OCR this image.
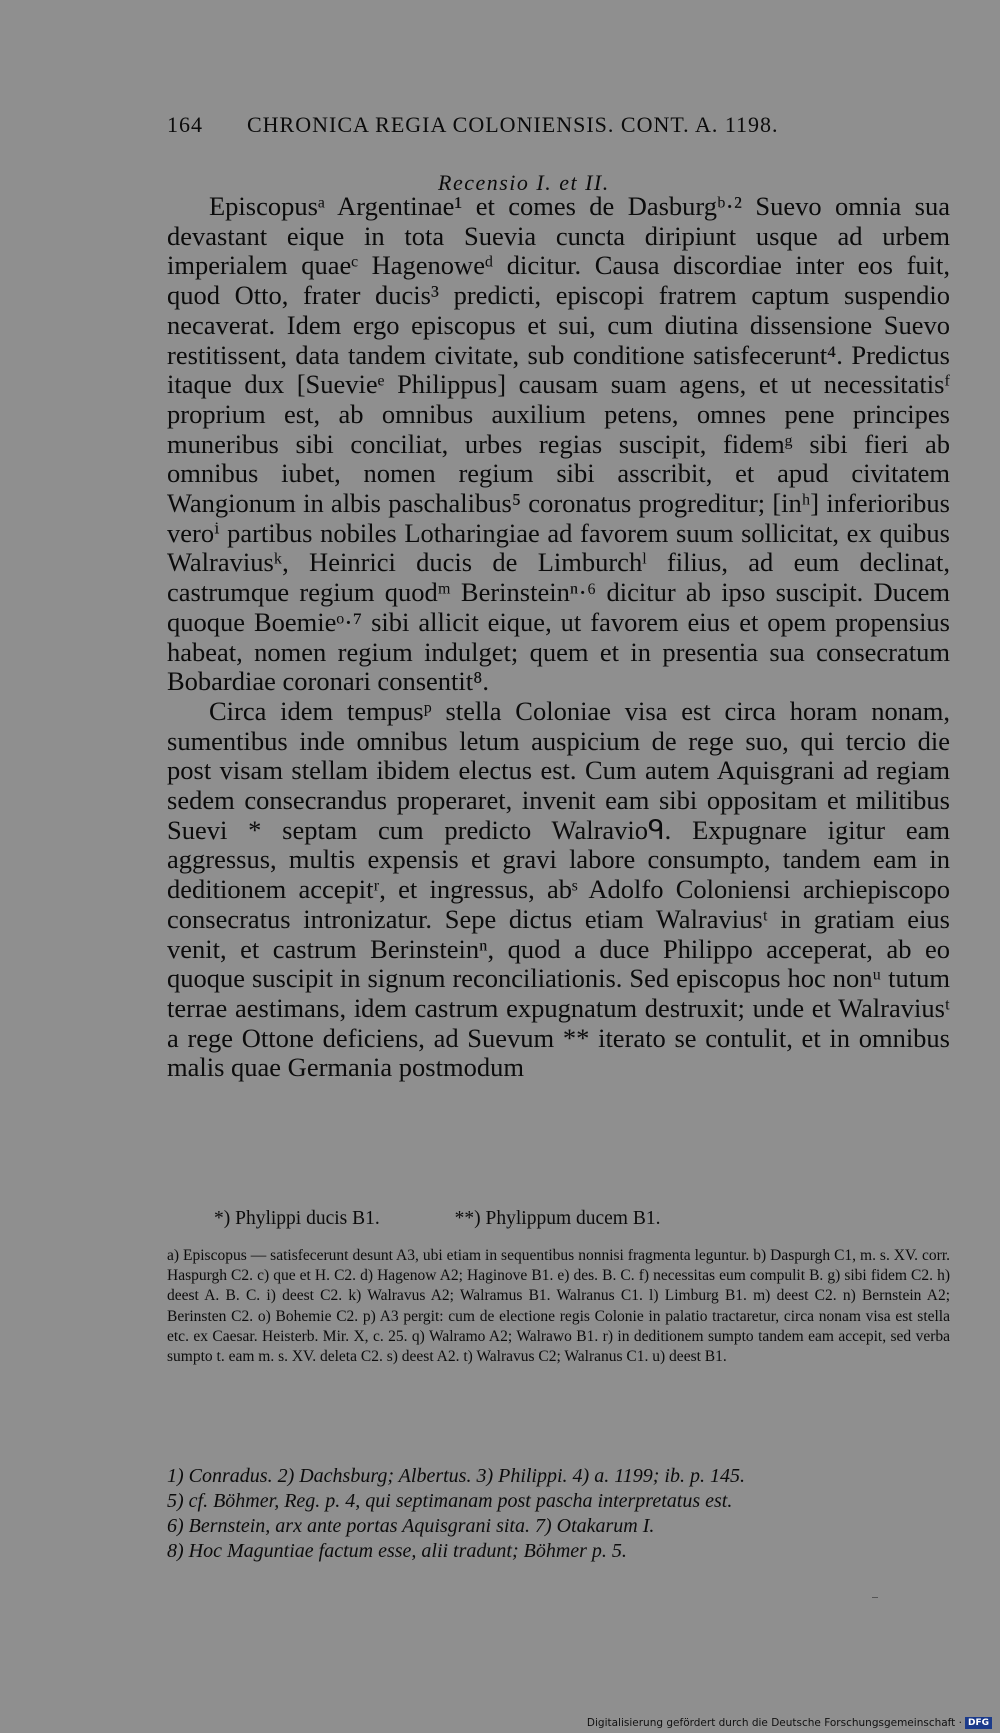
164 CHRONICA REGIA COLONIENSIS. CONT. A. 1198.
Recensio I. et II.

Episcopusᵃ Argentinae¹ et comes de Dasburgᵇ·² Suevo omnia sua devastant eique in tota Suevia cuncta diripiunt usque ad urbem imperialem quaeᶜ Hagenoweᵈ dicitur. Causa discordiae inter eos fuit, quod Otto, frater ducis³ predicti, episcopi fratrem captum suspendio necaverat. Idem ergo episcopus et sui, cum diutina dissensione Suevo restitissent, data tandem civitate, sub conditione satisfecerunt⁴. Predictus itaque dux [Suevieᵉ Philippus] causam suam agens, et ut necessitatisᶠ proprium est, ab omnibus auxilium petens, omnes pene principes muneribus sibi conciliat, urbes regias suscipit, fidemᵍ sibi fieri ab omnibus iubet, nomen regium sibi asscribit, et apud civitatem Wangionum in albis paschalibus⁵ coronatus progreditur; [inʰ] inferioribus veroⁱ partibus nobiles Lotharingiae ad favorem suum sollicitat, ex quibus Walraviusᵏ, Heinrici ducis de Limburchˡ filius, ad eum declinat, castrumque regium quodᵐ Berinsteinⁿ·⁶ dicitur ab ipso suscipit. Ducem quoque Boemieᵒ·⁷ sibi allicit eique, ut favorem eius et opem propensius habeat, nomen regium indulget; quem et in presentia sua consecratum Bobardiae coronari consentit⁸.

Circa idem tempusᵖ stella Coloniae visa est circa horam nonam, sumentibus inde omnibus letum auspicium de rege suo, qui tercio die post visam stellam ibidem electus est. Cum autem Aquisgrani ad regiam sedem consecrandus properaret, invenit eam sibi oppositam et militibus Suevi * septam cum predicto Walravioᑫ. Expugnare igitur eam aggressus, multis expensis et gravi labore consumpto, tandem eam in deditionem accepitʳ, et ingressus, abˢ Adolfo Coloniensi archiepiscopo consecratus intronizatur. Sepe dictus etiam Walraviusᵗ in gratiam eius venit, et castrum Berinsteinⁿ, quod a duce Philippo acceperat, ab eo quoque suscipit in signum reconciliationis. Sed episcopus hoc nonᵘ tutum terrae aestimans, idem castrum expugnatum destruxit; unde et Walraviusᵗ a rege Ottone deficiens, ad Suevum ** iterato se contulit, et in omnibus malis quae Germania postmodum

*) Phylippi ducis B1.	**) Phylippum ducem B1.
a) Episcopus — satisfecerunt desunt A3, ubi etiam in sequentibus nonnisi fragmenta leguntur. b) Daspurgh C1, m. s. XV. corr. Haspurgh C2. c) que et H. C2. d) Hagenow A2; Haginove B1. e) des. B. C. f) necessitas eum compulit B. g) sibi fidem C2. h) deest A. B. C. i) deest C2. k) Walravus A2; Walramus B1. Walranus C1. l) Limburg B1. m) deest C2. n) Bernstein A2; Berinsten C2. o) Bohemie C2. p) A3 pergit: cum de electione regis Colonie in palatio tractaretur, circa nonam visa est stella etc. ex Caesar. Heisterb. Mir. X, c. 25. q) Walramo A2; Walrawo B1. r) in deditionem sumpto tandem eam accepit, sed verba sumpto t. eam m. s. XV. deleta C2. s) deest A2. t) Walravus C2; Walranus C1. u) deest B1.
1) Conradus. 2) Dachsburg; Albertus. 3) Philippi. 4) a. 1199; ib. p. 145.
5) cf. Böhmer, Reg. p. 4, qui septimanam post pascha interpretatus est.
6) Bernstein, arx ante portas Aquisgrani sita. 7) Otakarum I.
8) Hoc Maguntiae factum esse, alii tradunt; Böhmer p. 5.
Digitalisierung gefördert durch die Deutsche Forschungsgemeinschaft · DFG
